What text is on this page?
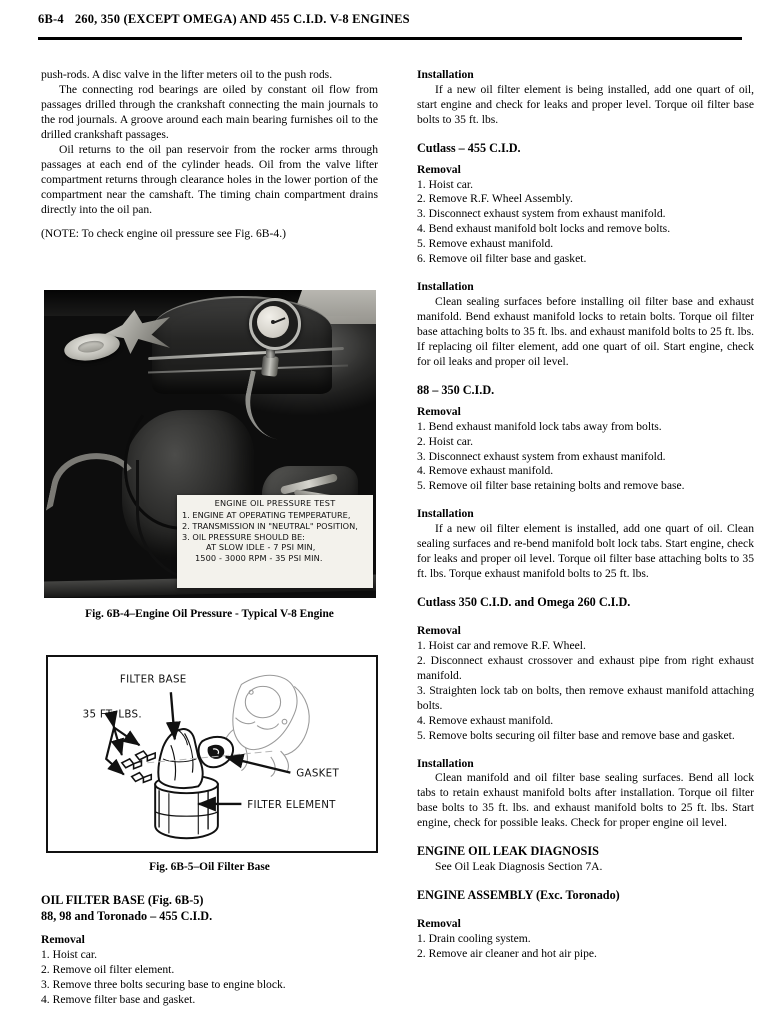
6B-4 260, 350 (EXCEPT OMEGA) AND 455 C.I.D. V-8 ENGINES

push-rods. A disc valve in the lifter meters oil to the push rods.

The connecting rod bearings are oiled by constant oil flow from passages drilled through the crankshaft connecting the main journals to the rod journals. A groove around each main bearing furnishes oil to the drilled crankshaft passages.

Oil returns to the oil pan reservoir from the rocker arms through passages at each end of the cylinder heads. Oil from the valve lifter compartment returns through clearance holes in the lower portion of the compartment near the camshaft. The timing chain compartment drains directly into the oil pan.

(NOTE: To check engine oil pressure see Fig. 6B-4.)

ENGINE OIL PRESSURE TEST
1. ENGINE AT OPERATING TEMPERATURE,
2. TRANSMISSION IN "NEUTRAL" POSITION,
3. OIL PRESSURE SHOULD BE:
AT SLOW IDLE - 7 PSI MIN,
1500 - 3000 RPM - 35 PSI MIN.
Fig. 6B-4–Engine Oil Pressure - Typical V-8 Engine
FILTER BASE
35 FT. LBS.
GASKET
FILTER ELEMENT
Fig. 6B-5–Oil Filter Base
OIL FILTER BASE (Fig. 6B-5)
88, 98 and Toronado – 455 C.I.D.
Removal
1. Hoist car.
2. Remove oil filter element.
3. Remove three bolts securing base to engine block.
4. Remove filter base and gasket.
Installation

If a new oil filter element is being installed, add one quart of oil, start engine and check for leaks and proper level. Torque oil filter base bolts to 35 ft. lbs.

Cutlass – 455 C.I.D.
Removal
1. Hoist car.
2. Remove R.F. Wheel Assembly.
3. Disconnect exhaust system from exhaust manifold.
4. Bend exhaust manifold bolt locks and remove bolts.
5. Remove exhaust manifold.
6. Remove oil filter base and gasket.
Installation

Clean sealing surfaces before installing oil filter base and exhaust manifold. Bend exhaust manifold locks to retain bolts. Torque oil filter base attaching bolts to 35 ft. lbs. and exhaust manifold bolts to 25 ft. lbs. If replacing oil filter element, add one quart of oil. Start engine, check for oil leaks and proper oil level.

88 – 350 C.I.D.
Removal
1. Bend exhaust manifold lock tabs away from bolts.
2. Hoist car.
3. Disconnect exhaust system from exhaust manifold.
4. Remove exhaust manifold.
5. Remove oil filter base retaining bolts and remove base.
Installation

If a new oil filter element is installed, add one quart of oil. Clean sealing surfaces and re-bend manifold bolt lock tabs. Start engine, check for leaks and proper oil level. Torque oil filter base attaching bolts to 35 ft. lbs. Torque exhaust manifold bolts to 25 ft. lbs.

Cutlass 350 C.I.D. and Omega 260 C.I.D.
Removal
1. Hoist car and remove R.F. Wheel.
2. Disconnect exhaust crossover and exhaust pipe from right exhaust manifold.
3. Straighten lock tab on bolts, then remove exhaust manifold attaching bolts.
4. Remove exhaust manifold.
5. Remove bolts securing oil filter base and remove base and gasket.
Installation

Clean manifold and oil filter base sealing surfaces. Bend all lock tabs to retain exhaust manifold bolts after installation. Torque oil filter base bolts to 35 ft. lbs. and exhaust manifold bolts to 25 ft. lbs. Start engine, check for possible leaks. Check for proper engine oil level.

ENGINE OIL LEAK DIAGNOSIS

See Oil Leak Diagnosis Section 7A.

ENGINE ASSEMBLY (Exc. Toronado)
Removal
1. Drain cooling system.
2. Remove air cleaner and hot air pipe.
